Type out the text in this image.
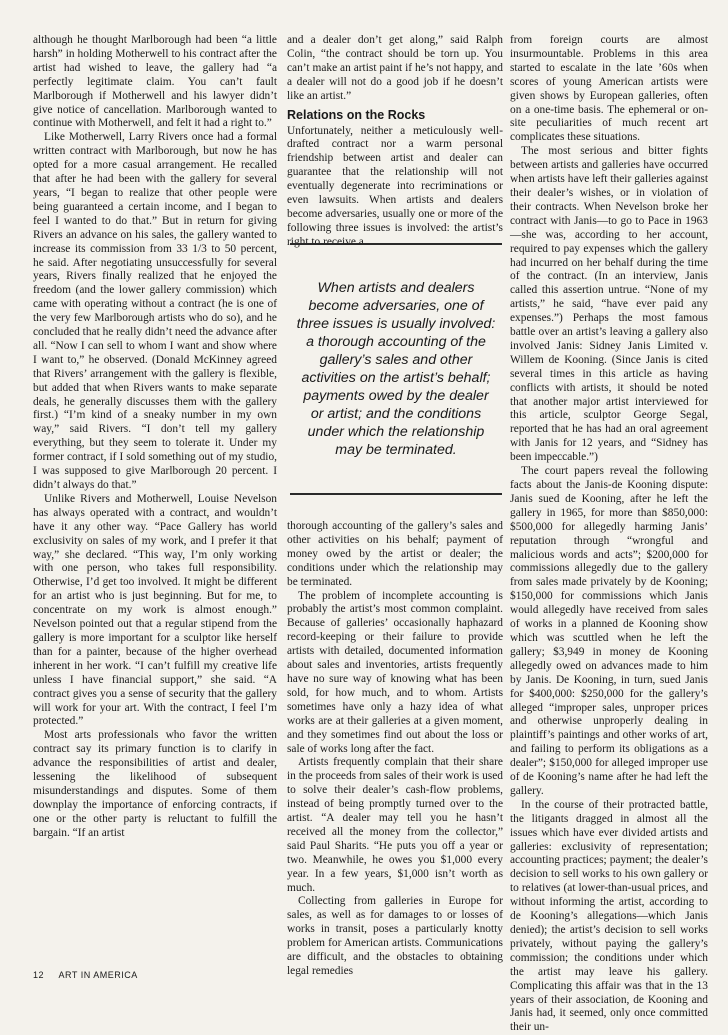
although he thought Marlborough had been “a little harsh” in holding Motherwell to his contract after the artist had wished to leave, the gallery had “a perfectly legitimate claim. You can’t fault Marlborough if Motherwell and his lawyer didn’t give notice of cancellation. Marlborough wanted to continue with Motherwell, and felt it had a right to.”

Like Motherwell, Larry Rivers once had a formal written contract with Marlborough, but now he has opted for a more casual arrangement. He recalled that after he had been with the gallery for several years, “I began to realize that other people were being guaranteed a certain income, and I began to feel I wanted to do that.” But in return for giving Rivers an advance on his sales, the gallery wanted to increase its commission from 33 1/3 to 50 percent, he said. After negotiating unsuccessfully for several years, Rivers finally realized that he enjoyed the freedom (and the lower gallery commission) which came with operating without a contract (he is one of the very few Marlborough artists who do so), and he concluded that he really didn’t need the advance after all. “Now I can sell to whom I want and show where I want to,” he observed. (Donald McKinney agreed that Rivers’ arrangement with the gallery is flexible, but added that when Rivers wants to make separate deals, he generally discusses them with the gallery first.) “I’m kind of a sneaky number in my own way,” said Rivers. “I don’t tell my gallery everything, but they seem to tolerate it. Under my former contract, if I sold something out of my studio, I was supposed to give Marlborough 20 percent. I didn’t always do that.”

Unlike Rivers and Motherwell, Louise Nevelson has always operated with a contract, and wouldn’t have it any other way. “Pace Gallery has world exclusivity on sales of my work, and I prefer it that way,” she declared. “This way, I’m only working with one person, who takes full responsibility. Otherwise, I’d get too involved. It might be different for an artist who is just beginning. But for me, to concentrate on my work is almost enough.” Nevelson pointed out that a regular stipend from the gallery is more important for a sculptor like herself than for a painter, because of the higher overhead inherent in her work. “I can’t fulfill my creative life unless I have financial support,” she said. “A contract gives you a sense of security that the gallery will work for your art. With the contract, I feel I’m protected.”

Most arts professionals who favor the written contract say its primary function is to clarify in advance the responsibilities of artist and dealer, lessening the likelihood of subsequent misunderstandings and disputes. Some of them downplay the importance of enforcing contracts, if one or the other party is reluctant to fulfill the bargain. “If an artist

and a dealer don’t get along,” said Ralph Colin, “the contract should be torn up. You can’t make an artist paint if he’s not happy, and a dealer will not do a good job if he doesn’t like an artist.”

Relations on the Rocks

Unfortunately, neither a meticulously well-drafted contract nor a warm personal friendship between artist and dealer can guarantee that the relationship will not eventually degenerate into recriminations or even lawsuits. When artists and dealers become adversaries, usually one or more of the following three issues is involved: the artist’s right to receive a

When artists and dealers become adversaries, one of three issues is usually involved: a thorough accounting of the gallery’s sales and other activities on the artist’s behalf; payments owed by the dealer or artist; and the conditions under which the relationship may be terminated.

thorough accounting of the gallery’s sales and other activities on his behalf; payment of money owed by the artist or dealer; the conditions under which the relationship may be terminated.

The problem of incomplete accounting is probably the artist’s most common complaint. Because of galleries’ occasionally haphazard record-keeping or their failure to provide artists with detailed, documented information about sales and inventories, artists frequently have no sure way of knowing what has been sold, for how much, and to whom. Artists sometimes have only a hazy idea of what works are at their galleries at a given moment, and they sometimes find out about the loss or sale of works long after the fact.

Artists frequently complain that their share in the proceeds from sales of their work is used to solve their dealer’s cash-flow problems, instead of being promptly turned over to the artist. “A dealer may tell you he hasn’t received all the money from the collector,” said Paul Sharits. “He puts you off a year or two. Meanwhile, he owes you $1,000 every year. In a few years, $1,000 isn’t worth as much.

Collecting from galleries in Europe for sales, as well as for damages to or losses of works in transit, poses a particularly knotty problem for American artists. Communications are difficult, and the obstacles to obtaining legal remedies

from foreign courts are almost insurmountable. Problems in this area started to escalate in the late ’60s when scores of young American artists were given shows by European galleries, often on a one-time basis. The ephemeral or on-site peculiarities of much recent art complicates these situations.

The most serious and bitter fights between artists and galleries have occurred when artists have left their galleries against their dealer’s wishes, or in violation of their contracts. When Nevelson broke her contract with Janis—to go to Pace in 1963—she was, according to her account, required to pay expenses which the gallery had incurred on her behalf during the time of the contract. (In an interview, Janis called this assertion untrue. “None of my artists,” he said, “have ever paid any expenses.”) Perhaps the most famous battle over an artist’s leaving a gallery also involved Janis: Sidney Janis Limited v. Willem de Kooning. (Since Janis is cited several times in this article as having conflicts with artists, it should be noted that another major artist interviewed for this article, sculptor George Segal, reported that he has had an oral agreement with Janis for 12 years, and “Sidney has been impeccable.”)

The court papers reveal the following facts about the Janis-de Kooning dispute: Janis sued de Kooning, after he left the gallery in 1965, for more than $850,000: $500,000 for allegedly harming Janis’ reputation through “wrongful and malicious words and acts”; $200,000 for commissions allegedly due to the gallery from sales made privately by de Kooning; $150,000 for commissions which Janis would allegedly have received from sales of works in a planned de Kooning show which was scuttled when he left the gallery; $3,949 in money de Kooning allegedly owed on advances made to him by Janis. De Kooning, in turn, sued Janis for $400,000: $250,000 for the gallery’s alleged “improper sales, unproper prices and otherwise unproperly dealing in plaintiff’s paintings and other works of art, and failing to perform its obligations as a dealer”; $150,000 for alleged improper use of de Kooning’s name after he had left the gallery.

In the course of their protracted battle, the litigants dragged in almost all the issues which have ever divided artists and galleries: exclusivity of representation; accounting practices; payment; the dealer’s decision to sell works to his own gallery or to relatives (at lower-than-usual prices, and without informing the artist, according to de Kooning’s allegations—which Janis denied); the artist’s decision to sell works privately, without paying the gallery’s commission; the conditions under which the artist may leave his gallery. Complicating this affair was that in the 13 years of their association, de Kooning and Janis had, it seemed, only once committed their un-

12 ART IN AMERICA
